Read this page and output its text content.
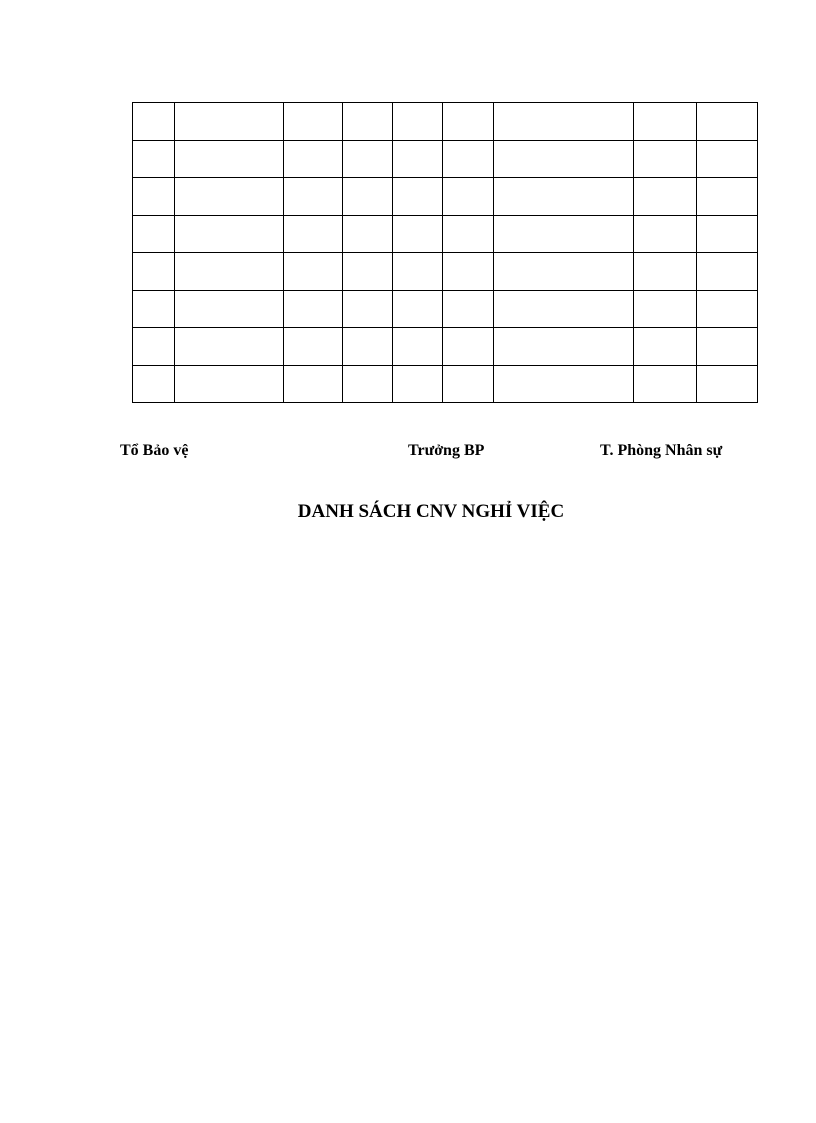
Tổ Bảo vệ	Trưởng BP	T. Phòng Nhân sự
DANH SÁCH CNV NGHỈ VIỆC
